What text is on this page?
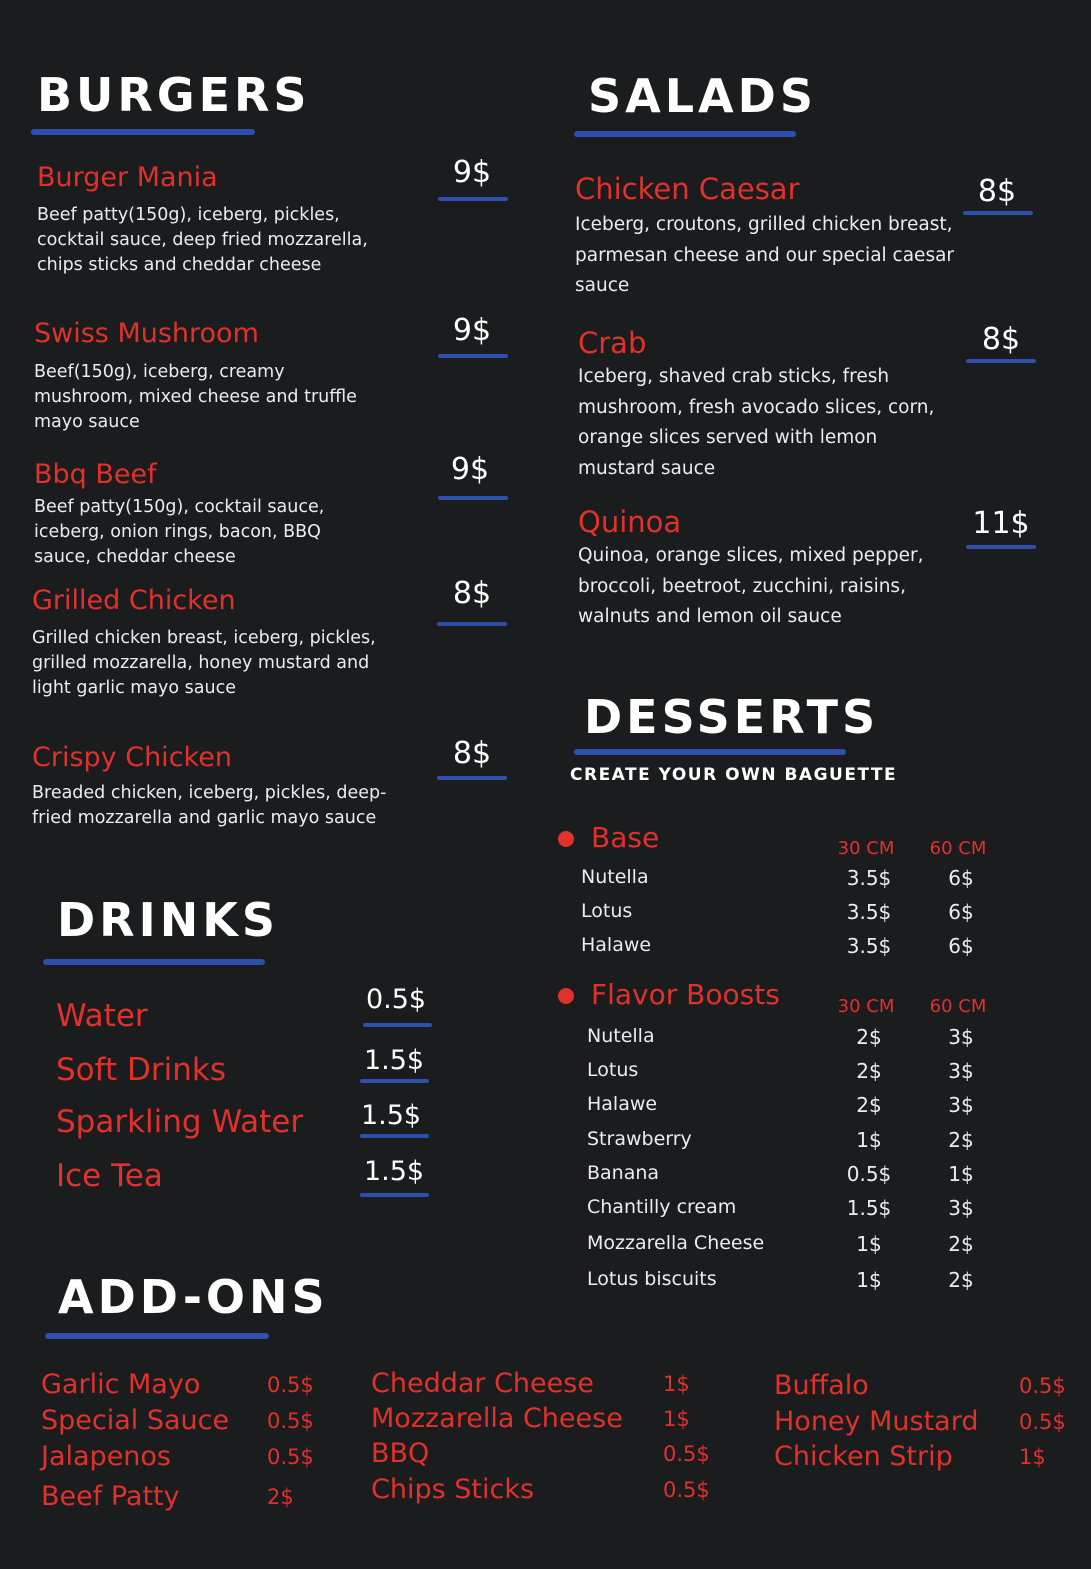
BURGERS
Burger Mania	9$
Beef patty(150g), iceberg, pickles, cocktail sauce, deep fried mozzarella, chips sticks and cheddar cheese
Swiss Mushroom	9$
Beef(150g), iceberg, creamy mushroom, mixed cheese and truffle mayo sauce
Bbq Beef	9$
Beef patty(150g), cocktail sauce, iceberg, onion rings, bacon, BBQ sauce, cheddar cheese
Grilled Chicken	8$
Grilled chicken breast, iceberg, pickles, grilled mozzarella, honey mustard and light garlic mayo sauce
Crispy Chicken	8$
Breaded chicken, iceberg, pickles, deep-fried mozzarella and garlic mayo sauce
SALADS
Chicken Caesar	8$
Iceberg, croutons, grilled chicken breast, parmesan cheese and our special caesar sauce
Crab	8$
Iceberg, shaved crab sticks, fresh mushroom, fresh avocado slices, corn, orange slices served with lemon mustard sauce
Quinoa	11$
Quinoa, orange slices, mixed pepper, broccoli, beetroot, zucchini, raisins, walnuts and lemon oil sauce
DRINKS
Water	0.5$
Soft Drinks	1.5$
Sparkling Water 1.5$
Ice Tea	1.5$
DESSERTS
CREATE YOUR OWN BAGUETTE
Base	30 CM	60 CM
Nutella	3.5$	6$
Lotus	3.5$	6$
Halawe	3.5$	6$
Flavor Boosts	30 CM	60 CM
Nutella	2$	3$
Lotus	2$	3$
Halawe	2$	3$
Strawberry	1$	2$
Banana	0.5$	1$
Chantilly cream	1.5$	3$
Mozzarella Cheese	1$	2$
Lotus biscuits	1$	2$
ADD-ONS
Garlic Mayo	0.5$
Special Sauce 0.5$
Jalapenos	0.5$
Beef Patty	2$
Cheddar Cheese	1$
Mozzarella Cheese 1$
BBQ	0.5$
Chips Sticks	0.5$
Buffalo	0.5$
Honey Mustard 0.5$
Chicken Strip	1$
